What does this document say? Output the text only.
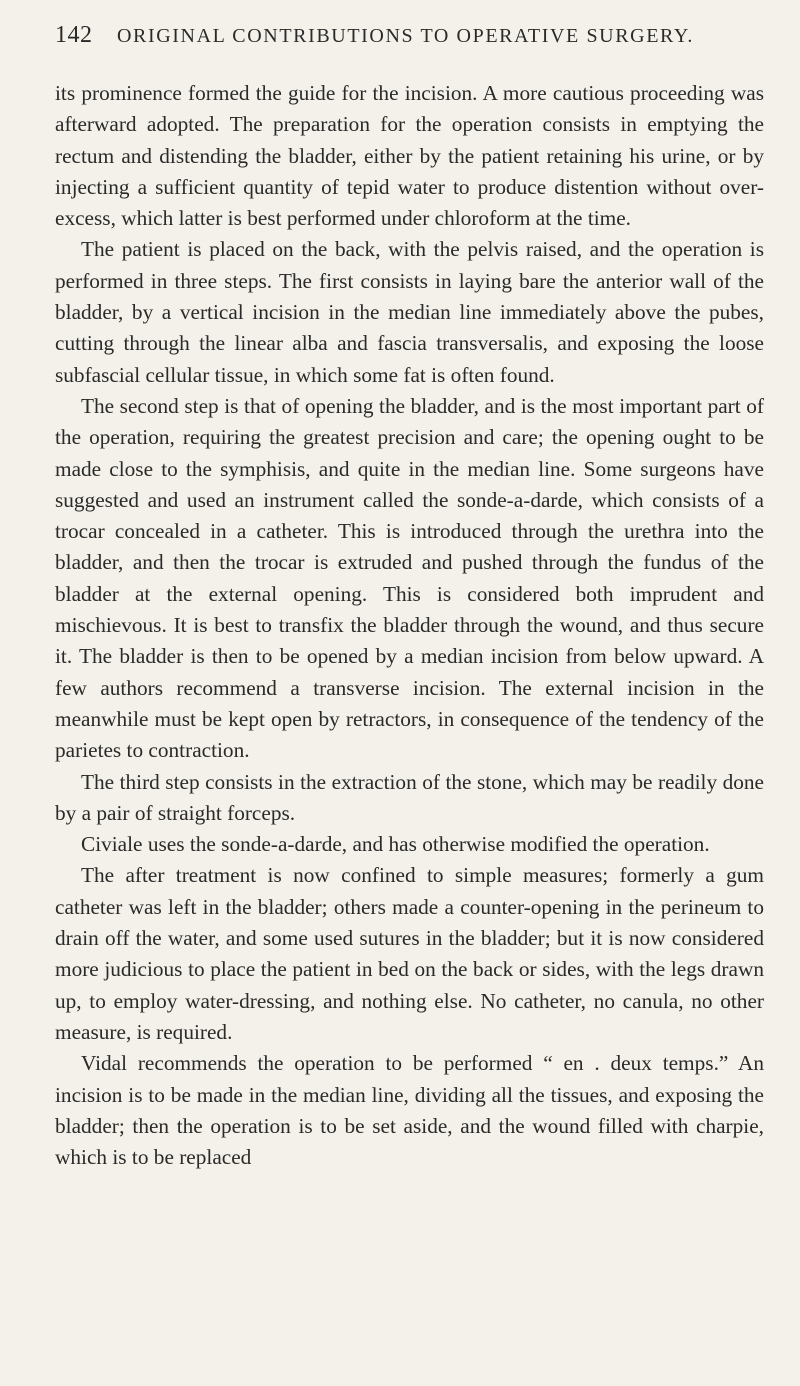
142	ORIGINAL CONTRIBUTIONS TO OPERATIVE SURGERY.

its prominence formed the guide for the incision. A more cautious proceeding was afterward adopted. The preparation for the operation consists in emptying the rectum and distending the bladder, either by the patient retaining his urine, or by injecting a sufficient quantity of tepid water to produce distention without over-excess, which latter is best performed under chloroform at the time.

The patient is placed on the back, with the pelvis raised, and the operation is performed in three steps. The first consists in laying bare the anterior wall of the bladder, by a vertical incision in the median line immediately above the pubes, cutting through the linear alba and fascia transversalis, and exposing the loose subfascial cellular tissue, in which some fat is often found.

The second step is that of opening the bladder, and is the most important part of the operation, requiring the greatest precision and care; the opening ought to be made close to the symphisis, and quite in the median line. Some surgeons have suggested and used an instrument called the sonde-a-darde, which consists of a trocar concealed in a catheter. This is introduced through the urethra into the bladder, and then the trocar is extruded and pushed through the fundus of the bladder at the external opening. This is considered both imprudent and mischievous. It is best to transfix the bladder through the wound, and thus secure it. The bladder is then to be opened by a median incision from below upward. A few authors recommend a transverse incision. The external incision in the meanwhile must be kept open by retractors, in consequence of the tendency of the parietes to contraction.

The third step consists in the extraction of the stone, which may be readily done by a pair of straight forceps.

Civiale uses the sonde-a-darde, and has otherwise modified the operation.

The after treatment is now confined to simple measures; formerly a gum catheter was left in the bladder; others made a counter-opening in the perineum to drain off the water, and some used sutures in the bladder; but it is now considered more judicious to place the patient in bed on the back or sides, with the legs drawn up, to employ water-dressing, and nothing else. No catheter, no canula, no other measure, is required.

Vidal recommends the operation to be performed “ en . deux temps.” An incision is to be made in the median line, dividing all the tissues, and exposing the bladder; then the operation is to be set aside, and the wound filled with charpie, which is to be replaced
